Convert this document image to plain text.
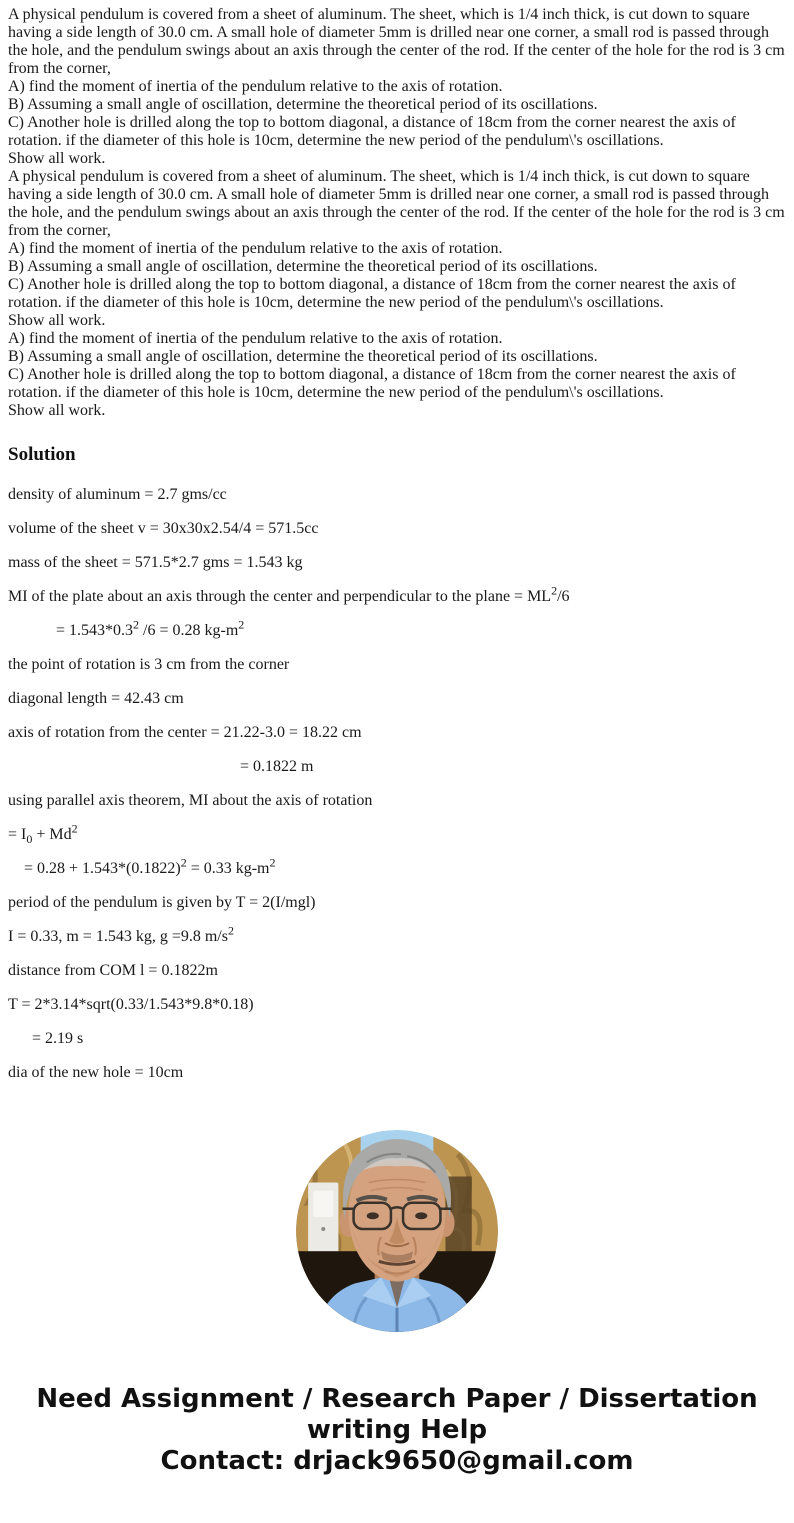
A physical pendulum is covered from a sheet of aluminum. The sheet, which is 1/4 inch thick, is cut down to square having a side length of 30.0 cm. A small hole of diameter 5mm is drilled near one corner, a small rod is passed through the hole, and the pendulum swings about an axis through the center of the rod. If the center of the hole for the rod is 3 cm from the corner,
A) find the moment of inertia of the pendulum relative to the axis of rotation.
B) Assuming a small angle of oscillation, determine the theoretical period of its oscillations.
C) Another hole is drilled along the top to bottom diagonal, a distance of 18cm from the corner nearest the axis of rotation. if the diameter of this hole is 10cm, determine the new period of the pendulum\'s oscillations.
Show all work.
A physical pendulum is covered from a sheet of aluminum. The sheet, which is 1/4 inch thick, is cut down to square having a side length of 30.0 cm. A small hole of diameter 5mm is drilled near one corner, a small rod is passed through the hole, and the pendulum swings about an axis through the center of the rod. If the center of the hole for the rod is 3 cm from the corner,
A) find the moment of inertia of the pendulum relative to the axis of rotation.
B) Assuming a small angle of oscillation, determine the theoretical period of its oscillations.
C) Another hole is drilled along the top to bottom diagonal, a distance of 18cm from the corner nearest the axis of rotation. if the diameter of this hole is 10cm, determine the new period of the pendulum\'s oscillations.
Show all work.
A) find the moment of inertia of the pendulum relative to the axis of rotation.
B) Assuming a small angle of oscillation, determine the theoretical period of its oscillations.
C) Another hole is drilled along the top to bottom diagonal, a distance of 18cm from the corner nearest the axis of rotation. if the diameter of this hole is 10cm, determine the new period of the pendulum\'s oscillations.
Show all work.
Solution

density of aluminum = 2.7 gms/cc

volume of the sheet v = 30x30x2.54/4 = 571.5cc

mass of the sheet = 571.5*2.7 gms = 1.543 kg

MI of the plate about an axis through the center and perpendicular to the plane = $ML^2/6$

= $1.543*0.3^2$ /6 = 0.28 $kg-m^2$

the point of rotation is 3 cm from the corner

diagonal length = 42.43 cm

axis of rotation from the center = 21.22-3.0 = 18.22 cm

= 0.1822 m

using parallel axis theorem, MI about the axis of rotation

= $I_0 + Md^2$

= $0.28 + 1.543*(0.1822)^2 = 0.33$ $kg-m^2$

period of the pendulum is given by T = 2(I/mgl)

I = 0.33, m = 1.543 kg, g =9.8 $m/s^2$

distance from COM l = 0.1822m

T = 2*3.14*sqrt(0.33/1.543*9.8*0.18)

= 2.19 s

dia of the new hole = 10cm

Need Assignment / Research Paper / Dissertation
writing Help
Contact: drjack9650@gmail.com
